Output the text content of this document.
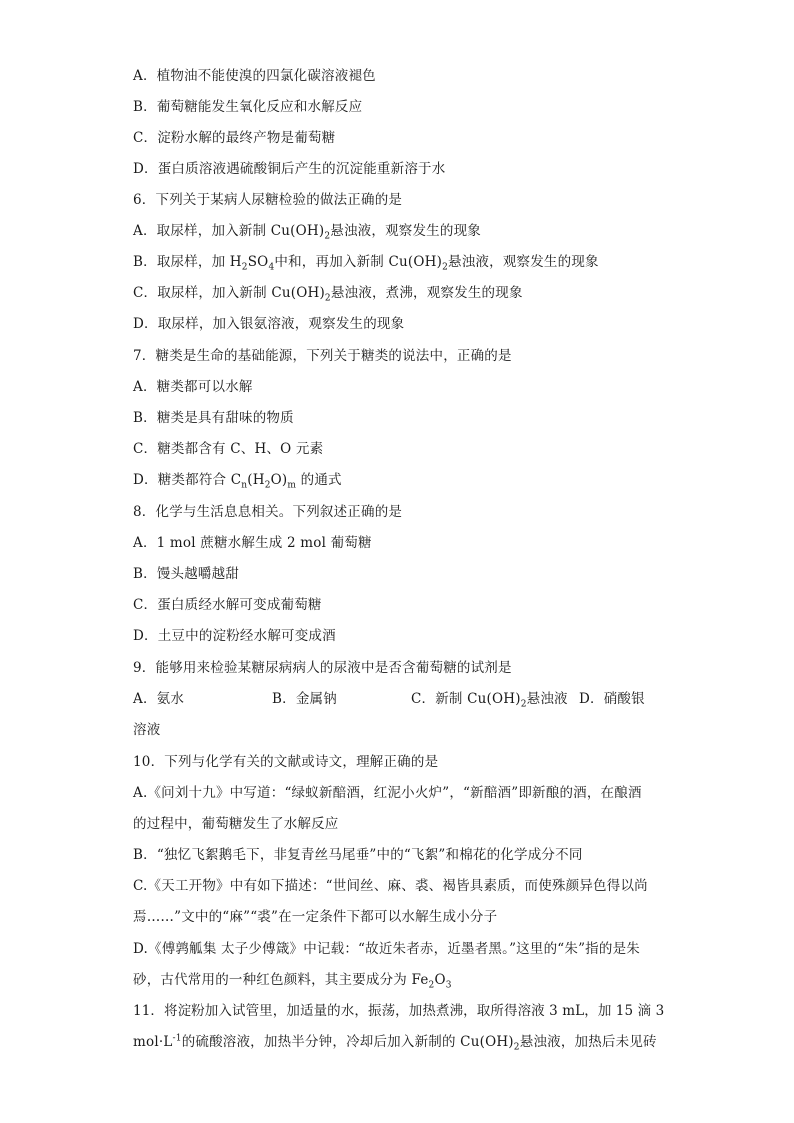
A．植物油不能使溴的四氯化碳溶液褪色
B．葡萄糖能发生氧化反应和水解反应
C．淀粉水解的最终产物是葡萄糖
D．蛋白质溶液遇硫酸铜后产生的沉淀能重新溶于水
6．下列关于某病人尿糖检验的做法正确的是
A．取尿样，加入新制 $Cu(OH)_2$悬浊液，观察发生的现象
B．取尿样，加 $H_2SO_4$中和，再加入新制 $Cu(OH)_2$悬浊液，观察发生的现象
C．取尿样，加入新制 $Cu(OH)_2$悬浊液，煮沸，观察发生的现象
D．取尿样，加入银氨溶液，观察发生的现象
7．糖类是生命的基础能源，下列关于糖类的说法中，正确的是
A．糖类都可以水解
B．糖类是具有甜味的物质
C．糖类都含有 C、H、O 元素
D．糖类都符合 $C_n(H_2O)_m$ 的通式
8．化学与生活息息相关。下列叙述正确的是
A．1 mol 蔗糖水解生成 2 mol 葡萄糖
B．馒头越嚼越甜
C．蛋白质经水解可变成葡萄糖
D．土豆中的淀粉经水解可变成酒
9．能够用来检验某糖尿病病人的尿液中是否含葡萄糖的试剂是
A．氨水	B．金属钠	C．新制 $Cu(OH)_2$悬浊液 D．硝酸银
溶液
10．下列与化学有关的文献或诗文，理解正确的是
A.《问刘十九》中写道：“绿蚁新醅酒，红泥小火炉”，“新醅酒”即新酿的酒，在酿酒
的过程中，葡萄糖发生了水解反应
B．“独忆飞絮鹅毛下，非复青丝马尾垂”中的“飞絮”和棉花的化学成分不同
C.《天工开物》中有如下描述：“世间丝、麻、裘、褐皆具素质，而使殊颜异色得以尚
焉……”文中的“麻”“裘”在一定条件下都可以水解生成小分子
D.《傅鹑觚集 太子少傅箴》中记载：“故近朱者赤，近墨者黑。”这里的“朱”指的是朱
砂，古代常用的一种红色颜料，其主要成分为 $Fe_2O_3$
11．将淀粉加入试管里，加适量的水，振荡，加热煮沸，取所得溶液 3 mL，加 15 滴 3
$mol\cdot L^{-1}$的硫酸溶液，加热半分钟，冷却后加入新制的 $Cu(OH)_2$悬浊液，加热后未见砖
